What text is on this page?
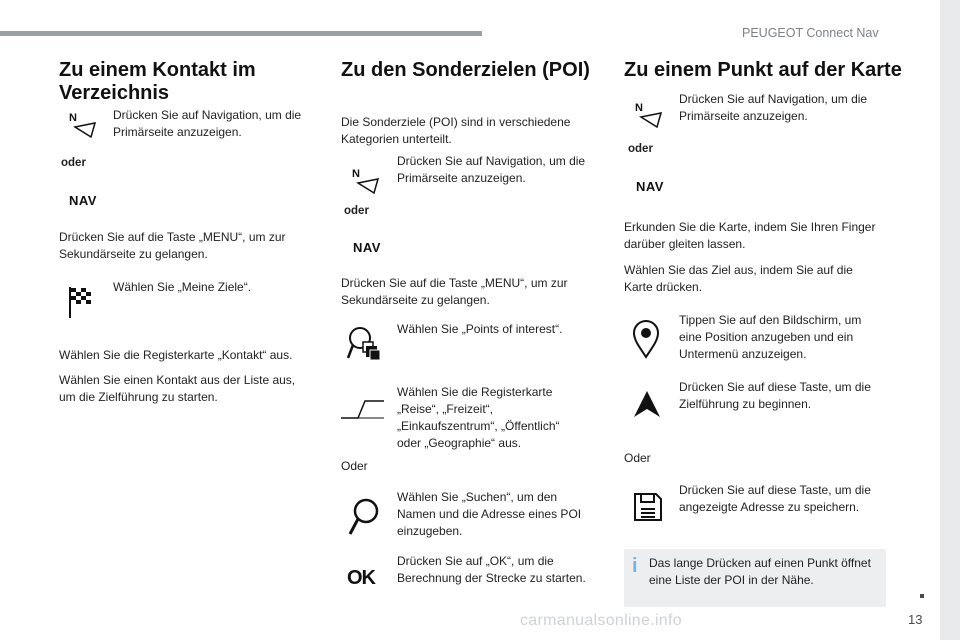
PEUGEOT Connect Nav
13
carmanualsonline.info
Zu einem Kontakt im
Verzeichnis
N	Drücken Sie auf Navigation, um die
Primärseite anzuzeigen.
oder
NAV
Drücken Sie auf die Taste „MENU“, um zur
Sekundärseite zu gelangen.
Wählen Sie „Meine Ziele“.
Wählen Sie die Registerkarte „Kontakt“ aus.
Wählen Sie einen Kontakt aus der Liste aus,
um die Zielführung zu starten.
Zu den Sonderzielen (POI)
Die Sonderziele (POI) sind in verschiedene
Kategorien unterteilt.
N
Drücken Sie auf Navigation, um die
Primärseite anzuzeigen.
oder
NAV
Drücken Sie auf die Taste „MENU“, um zur
Sekundärseite zu gelangen.
Wählen Sie „Points of interest“.
Wählen Sie die Registerkarte
„Reise“, „Freizeit“,
„Einkaufszentrum“, „Öffentlich“
oder „Geographie“ aus.
Oder
Wählen Sie „Suchen“, um den
Namen und die Adresse eines POI
einzugeben.
OK
Drücken Sie auf „OK“, um die
Berechnung der Strecke zu starten.
Zu einem Punkt auf der Karte
N
Drücken Sie auf Navigation, um die
Primärseite anzuzeigen.
oder
NAV
Erkunden Sie die Karte, indem Sie Ihren Finger
darüber gleiten lassen.
Wählen Sie das Ziel aus, indem Sie auf die
Karte drücken.
Tippen Sie auf den Bildschirm, um
eine Position anzugeben und ein
Untermenü anzuzeigen.
Drücken Sie auf diese Taste, um die
Zielführung zu beginnen.
Oder
Drücken Sie auf diese Taste, um die
angezeigte Adresse zu speichern.
i Das lange Drücken auf einen Punkt öffnet
eine Liste der POI in der Nähe.
